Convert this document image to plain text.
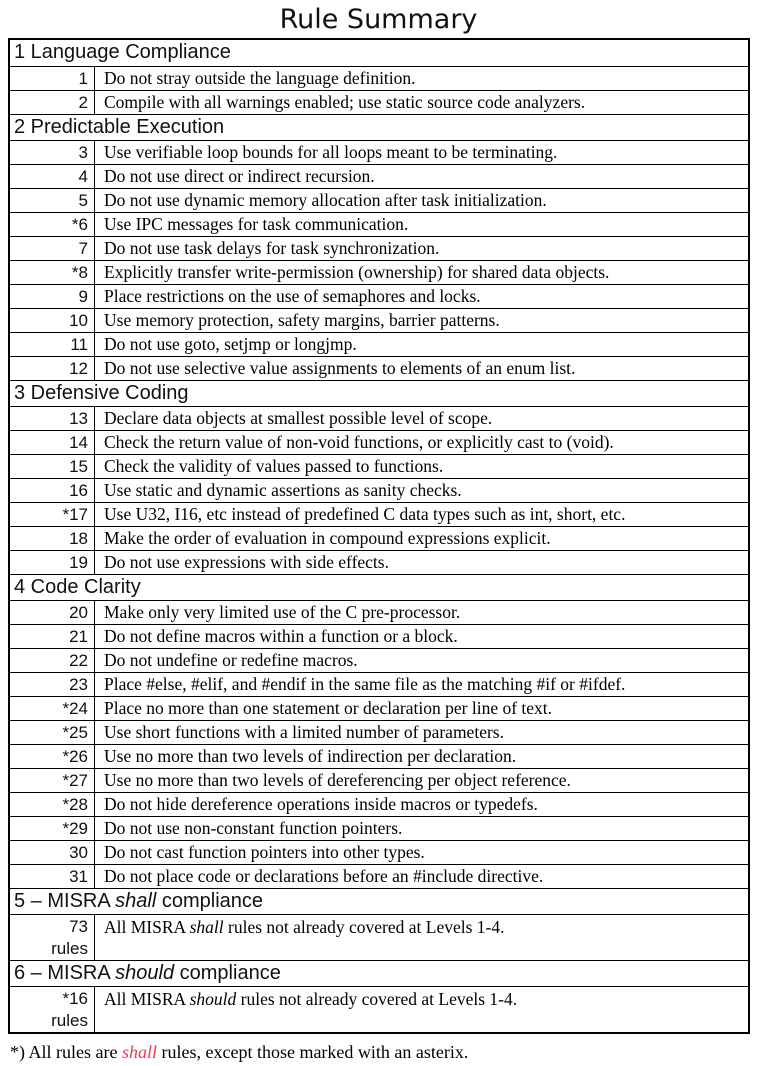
Rule Summary
1 Language Compliance
1 Do not stray outside the language definition.
2 Compile with all warnings enabled; use static source code analyzers.
2 Predictable Execution
3 Use verifiable loop bounds for all loops meant to be terminating.
4 Do not use direct or indirect recursion.
5 Do not use dynamic memory allocation after task initialization.
*6 Use IPC messages for task communication.
7 Do not use task delays for task synchronization.
*8 Explicitly transfer write-permission (ownership) for shared data objects.
9 Place restrictions on the use of semaphores and locks.
10 Use memory protection, safety margins, barrier patterns.
11 Do not use goto, setjmp or longjmp.
12 Do not use selective value assignments to elements of an enum list.
3 Defensive Coding
13 Declare data objects at smallest possible level of scope.
14 Check the return value of non-void functions, or explicitly cast to (void).
15 Check the validity of values passed to functions.
16 Use static and dynamic assertions as sanity checks.
*17 Use U32, I16, etc instead of predefined C data types such as int, short, etc.
18 Make the order of evaluation in compound expressions explicit.
19 Do not use expressions with side effects.
4 Code Clarity
20 Make only very limited use of the C pre-processor.
21 Do not define macros within a function or a block.
22 Do not undefine or redefine macros.
23 Place #else, #elif, and #endif in the same file as the matching #if or #ifdef.
*24 Place no more than one statement or declaration per line of text.
*25 Use short functions with a limited number of parameters.
*26 Use no more than two levels of indirection per declaration.
*27 Use no more than two levels of dereferencing per object reference.
*28 Do not hide dereference operations inside macros or typedefs.
*29 Do not use non-constant function pointers.
30 Do not cast function pointers into other types.
31 Do not place code or declarations before an #include directive.
5 – MISRA shall compliance
73
rules
All MISRA shall rules not already covered at Levels 1-4.
6 – MISRA should compliance
*16
rules
All MISRA should rules not already covered at Levels 1-4.
*) All rules are shall rules, except those marked with an asterix.
